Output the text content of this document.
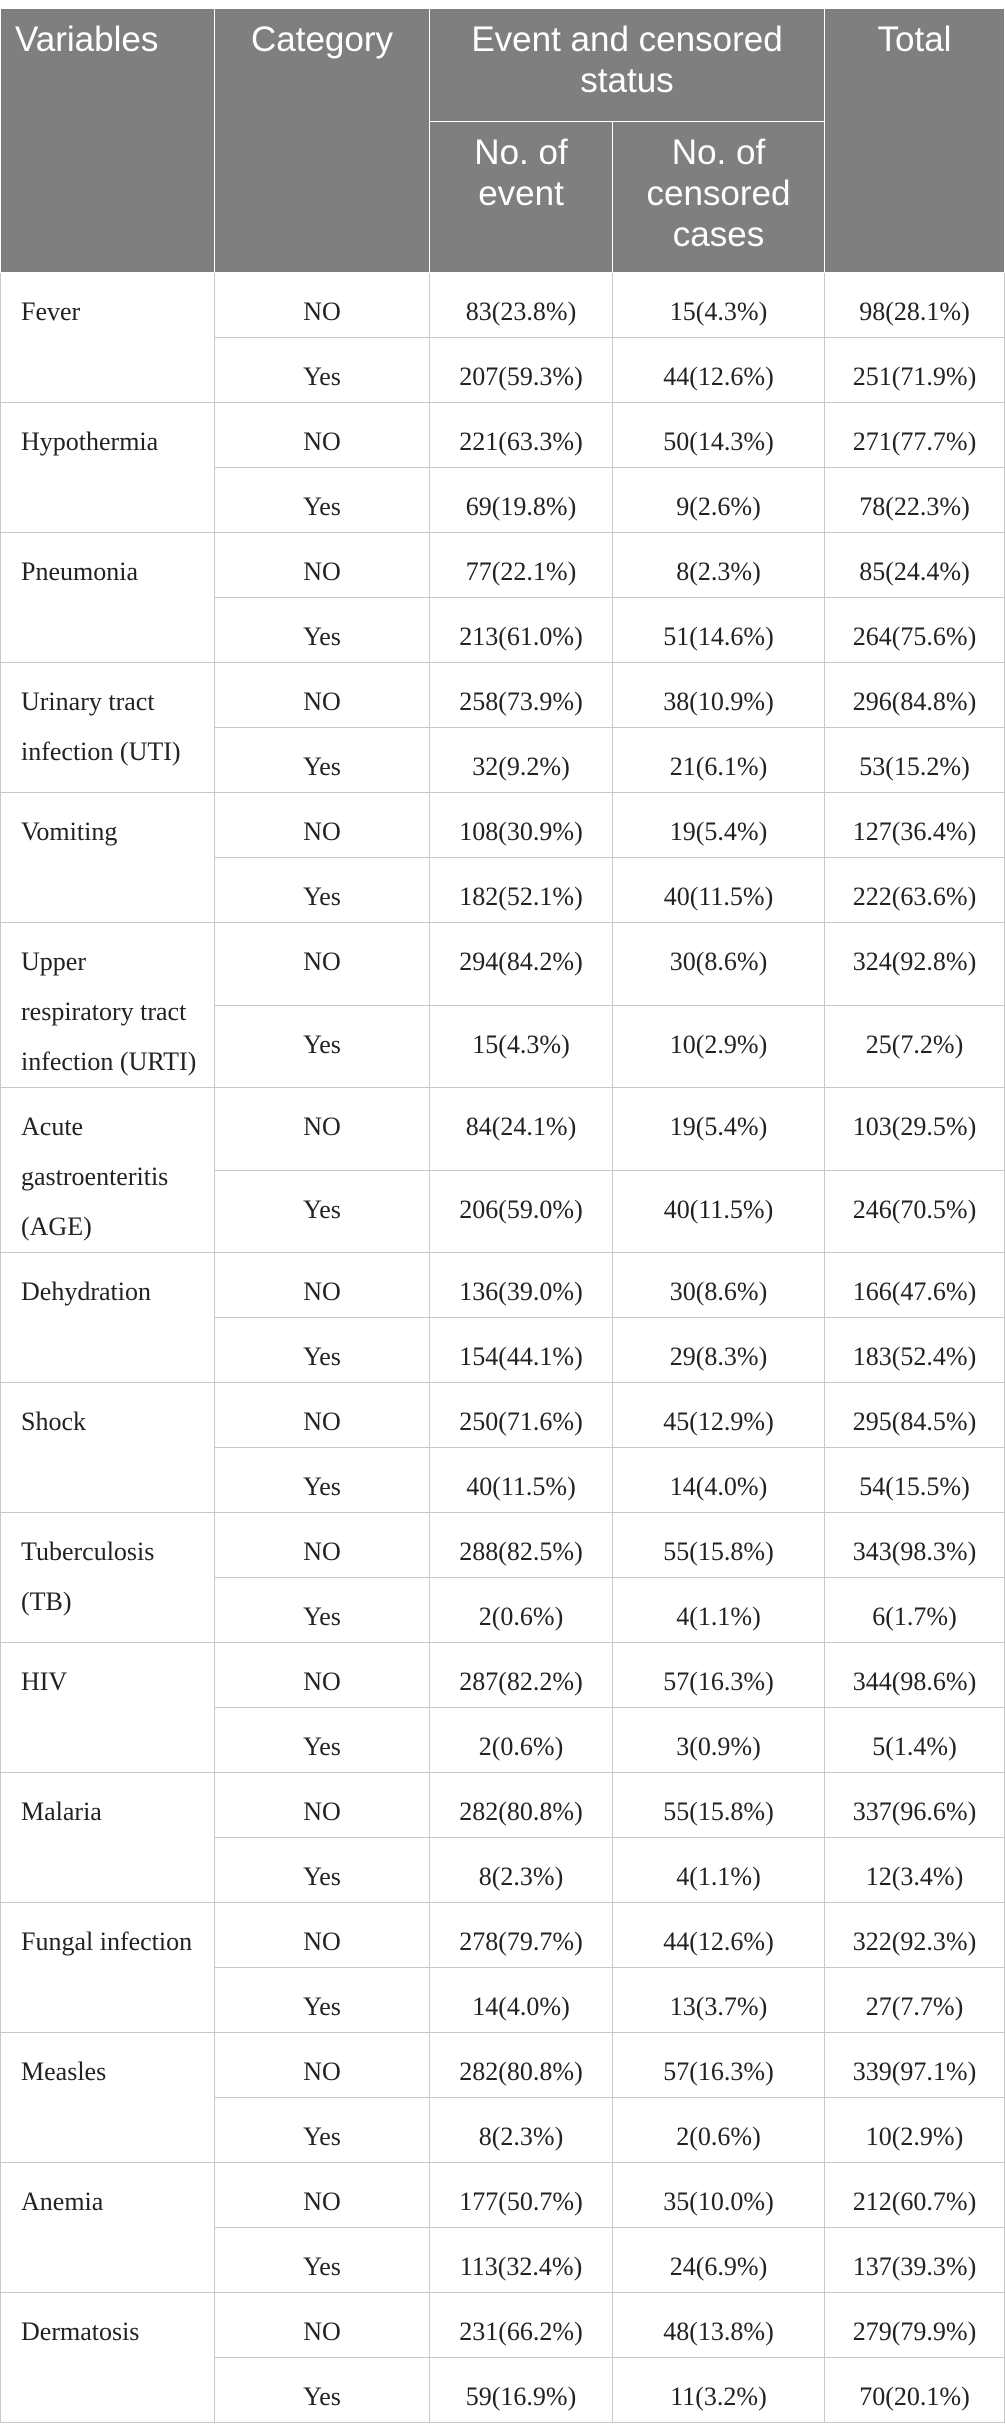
Variables	Category	Event and censored status		Total
		No. of event	No. of censored cases	
Fever	NO	83(23.8%)	15(4.3%)	98(28.1%)
	Yes	207(59.3%)	44(12.6%)	251(71.9%)
Hypothermia	NO	221(63.3%)	50(14.3%)	271(77.7%)
	Yes	69(19.8%)	9(2.6%)	78(22.3%)
Pneumonia	NO	77(22.1%)	8(2.3%)	85(24.4%)
	Yes	213(61.0%)	51(14.6%)	264(75.6%)
Urinary tract infection (UTI)	NO	258(73.9%)	38(10.9%)	296(84.8%)
	Yes	32(9.2%)	21(6.1%)	53(15.2%)
Vomiting	NO	108(30.9%)	19(5.4%)	127(36.4%)
	Yes	182(52.1%)	40(11.5%)	222(63.6%)
Upper respiratory tract infection (URTI)	NO	294(84.2%)	30(8.6%)	324(92.8%)
	Yes	15(4.3%)	10(2.9%)	25(7.2%)
Acute gastroenteritis (AGE)	NO	84(24.1%)	19(5.4%)	103(29.5%)
	Yes	206(59.0%)	40(11.5%)	246(70.5%)
Dehydration	NO	136(39.0%)	30(8.6%)	166(47.6%)
	Yes	154(44.1%)	29(8.3%)	183(52.4%)
Shock	NO	250(71.6%)	45(12.9%)	295(84.5%)
	Yes	40(11.5%)	14(4.0%)	54(15.5%)
Tuberculosis (TB)	NO	288(82.5%)	55(15.8%)	343(98.3%)
	Yes	2(0.6%)	4(1.1%)	6(1.7%)
HIV	NO	287(82.2%)	57(16.3%)	344(98.6%)
	Yes	2(0.6%)	3(0.9%)	5(1.4%)
Malaria	NO	282(80.8%)	55(15.8%)	337(96.6%)
	Yes	8(2.3%)	4(1.1%)	12(3.4%)
Fungal infection	NO	278(79.7%)	44(12.6%)	322(92.3%)
	Yes	14(4.0%)	13(3.7%)	27(7.7%)
Measles	NO	282(80.8%)	57(16.3%)	339(97.1%)
	Yes	8(2.3%)	2(0.6%)	10(2.9%)
Anemia	NO	177(50.7%)	35(10.0%)	212(60.7%)
	Yes	113(32.4%)	24(6.9%)	137(39.3%)
Dermatosis	NO	231(66.2%)	48(13.8%)	279(79.9%)
	Yes	59(16.9%)	11(3.2%)	70(20.1%)
